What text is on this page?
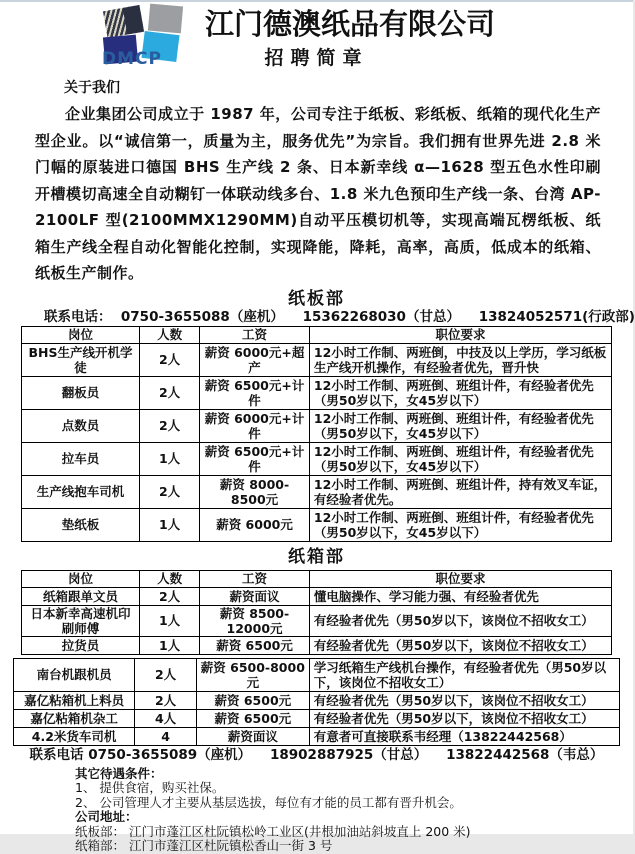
DMCP
江门德澳纸品有限公司
招聘简章
关于我们
企业集团公司成立于 1987 年，公司专注于纸板、彩纸板、纸箱的现代化生产型企业。以“诚信第一，质量为主，服务优先”为宗旨。我们拥有世界先进 2.8 米门幅的原装进口德国 BHS 生产线 2 条、日本新幸线 α—1628 型五色水性印刷开槽模切高速全自动糊钉一体联动线多台、1.8 米九色预印生产线一条、台湾 AP-2100LF 型(2100MMX1290MM)自动平压模切机等，实现高端瓦楞纸板、纸箱生产线全程自动化智能化控制，实现降能，降耗，高率，高质，低成本的纸箱、纸板生产制作。
纸板部
联系电话：  0750-3655088（座机）    15362268030（甘总）    13824052571(行政部)
岗位	人数	工资	职位要求
BHS生产线开机学徒	2人	薪资 6000元+超产	12小时工作制、两班倒，中技及以上学历，学习纸板生产线开机操作，有经验者优先，晋升快
翻板员	2人	薪资 6500元+计件	12小时工作制、两班倒、班组计件，有经验者优先（男50岁以下，女45岁以下）
点数员	2人	薪资 6000元+计件	12小时工作制、两班倒、班组计件，有经验者优先（男50岁以下，女45岁以下）
拉车员	1人	薪资 6500元+计件	12小时工作制、两班倒、班组计件，有经验者优先（男50岁以下，女45岁以下）
生产线抱车司机	2人	薪资 8000-8500元	12小时工作制、两班倒、班组计件，持有效叉车证，有经验者优先。
垫纸板	1人	薪资 6000元	12小时工作制、两班倒、班组计件，有经验者优先（男50岁以下，女45岁以下）
纸箱部
岗位	人数	工资	职位要求
纸箱跟单文员	2人	薪资面议	懂电脑操作、学习能力强、有经验者优先
日本新幸高速机印刷师傅	1人	薪资 8500-12000元	有经验者优先（男50岁以下，该岗位不招收女工）
拉货员	1人	薪资 6500元	有经验者优先（男50岁以下，该岗位不招收女工）
南台机跟机员	2人	薪资 6500-8000元	学习纸箱生产线机台操作，有经验者优先（男50岁以下，该岗位不招收女工）
嘉亿粘箱机上料员	2人	薪资 6500元	有经验者优先（男50岁以下，该岗位不招收女工）
嘉亿粘箱机杂工	4人	薪资 6500元	有经验者优先（男50岁以下，该岗位不招收女工）
4.2米货车司机	4	薪资面议	有意者可直接联系韦经理（13822442568）
联系电话 0750-3655089（座机）    18902887925（甘总）    13822442568（韦总）
其它待遇条件：
1、 提供食宿，购买社保。
2、 公司管理人才主要从基层选拔，每位有才能的员工都有晋升机会。
公司地址：
纸板部： 江门市蓬江区杜阮镇松岭工业区(井根加油站斜坡直上 200 米)
纸箱部： 江门市蓬江区杜阮镇松香山一街 3 号
